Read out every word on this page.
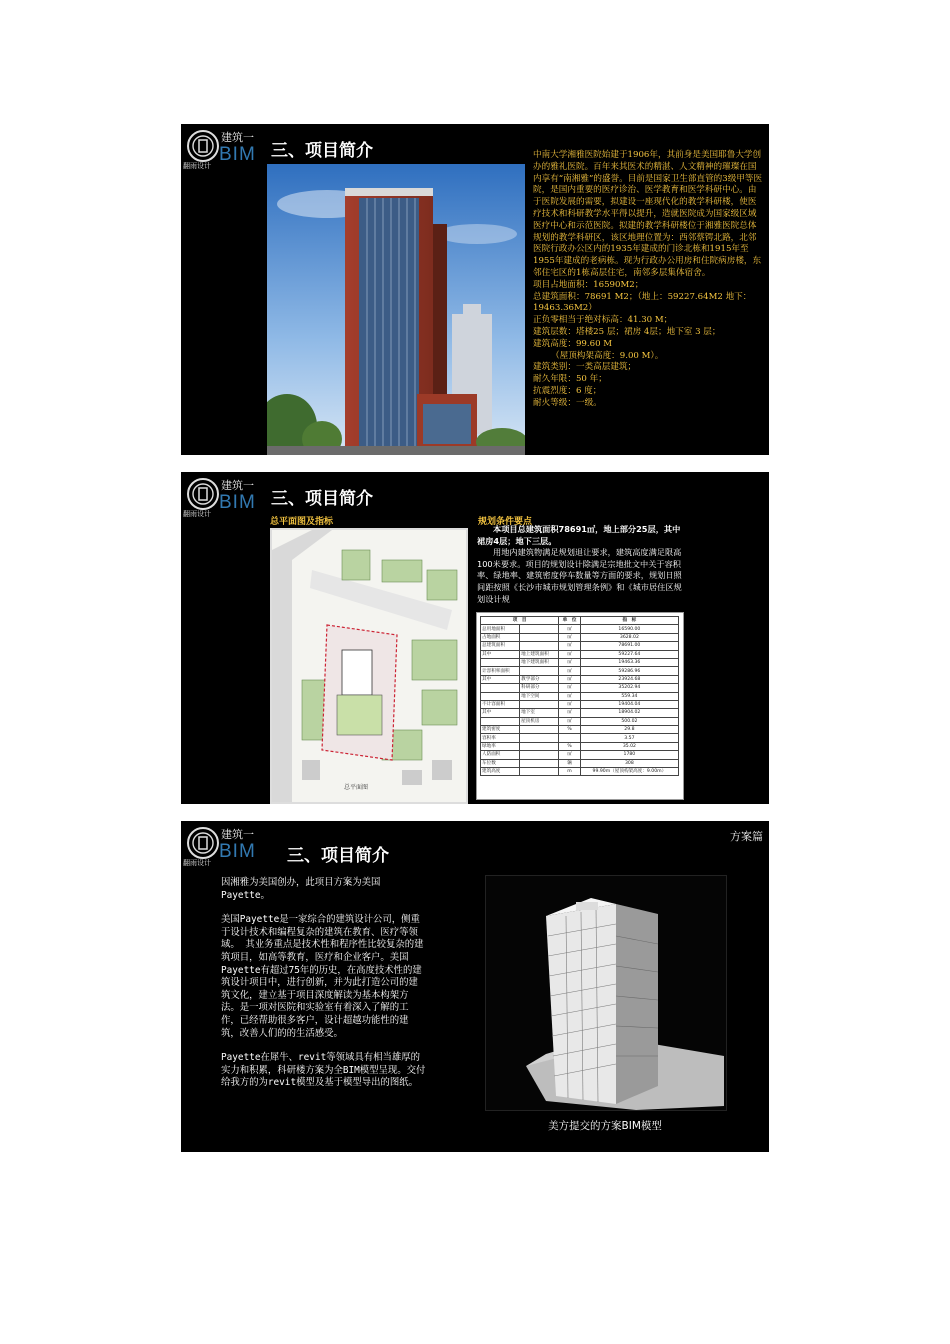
翻雨设计
建筑一
BIM 三、项目简介	中南大学湘雅医院始建于1906年，其前身是美国耶鲁大学创办的雅礼医院。百年来其医术的精湛、人文精神的璀璨在国内享有“南湘雅”的盛誉。目前是国家卫生部直管的3级甲等医院，是国内重要的医疗诊治、医学教育和医学科研中心。由于医院发展的需要，拟建设一座现代化的教学科研楼，使医疗技术和科研教学水平得以提升，造就医院成为国家级区域医疗中心和示范医院。拟建的教学科研楼位于湘雅医院总体规划的教学科研区，该区地理位置为：西邻蔡锷北路，北邻医院行政办公区内的1935年建成的门诊北栋和1915年至1955年建成的老病栋。现为行政办公用房和住院病房楼，东邻住宅区的1栋高层住宅，南邻多层集体宿舍。

项目占地面积：16590M2；

总建筑面积：78691 M2；（地上：59227.64M2 地下：19463.36M2）

正负零相当于绝对标高：41.30 M；

建筑层数：塔楼25 层；裙房 4层；地下室 3 层；

建筑高度：99.60 M

（屋顶构架高度：9.00 M）。

建筑类别：一类高层建筑；

耐久年限：50 年；

抗震烈度：6 度；

耐火等级：一级。

翻雨设计
建筑一
BIM 三、项目简介
总平面图及指标	规划条件要点
总平面图

本项目总建筑面积78691㎡，地上部分25层，其中裙房4层；地下三层。

用地内建筑物满足规划退让要求，建筑高度满足限高100米要求。项目的规划设计除满足宗地批文中关于容积率、绿地率、建筑密度停车数量等方面的要求，规划日照间距按照《长沙市城市规划管理条例》和《城市居住区规划设计规

项　目		单　位	指　标
总用地面积		㎡	16590.00
占地面积		㎡	3628.02
总建筑面积		㎡	78691.00
其中	地上建筑面积	㎡	59227.64
	地下建筑面积	㎡	19463.36
计容积率面积		㎡	59286.96
其中	教学部分	㎡	23924.68
	科研部分	㎡	35202.94
	地下空间	㎡	559.34
不计容面积		㎡	19404.04
其中	地下室	㎡	18904.02
	屋顶机房	㎡	500.02
建筑密度		%	29.8
容积率			3.57
绿地率		%	35.02
人防面积		㎡	1780
车位数		辆	308
建筑高度		m	99.90m（屋顶构架高度：9.00m）
翻雨设计
建筑一
BIM 三、项目简介
方案篇

因湘雅为美国创办，此项目方案为美国Payette。

美国Payette是一家综合的建筑设计公司，侧重于设计技术和编程复杂的建筑在教育、医疗等领域。 其业务重点是技术性和程序性比较复杂的建筑项目，如高等教育，医疗和企业客户。美国Payette有超过75年的历史，在高度技术性的建筑设计项目中，进行创新，并为此打造公司的建筑文化，建立基于项目深度解读为基本构架方法。是一项对医院和实验室有着深入了解的工作，已经帮助很多客户，设计超越功能性的建筑，改善人们的的生活感受。

Payette在犀牛、revit等领域具有相当雄厚的实力和积累，科研楼方案为全BIM模型呈现。交付给我方的为revit模型及基于模型导出的图纸。

美方提交的方案BIM模型
